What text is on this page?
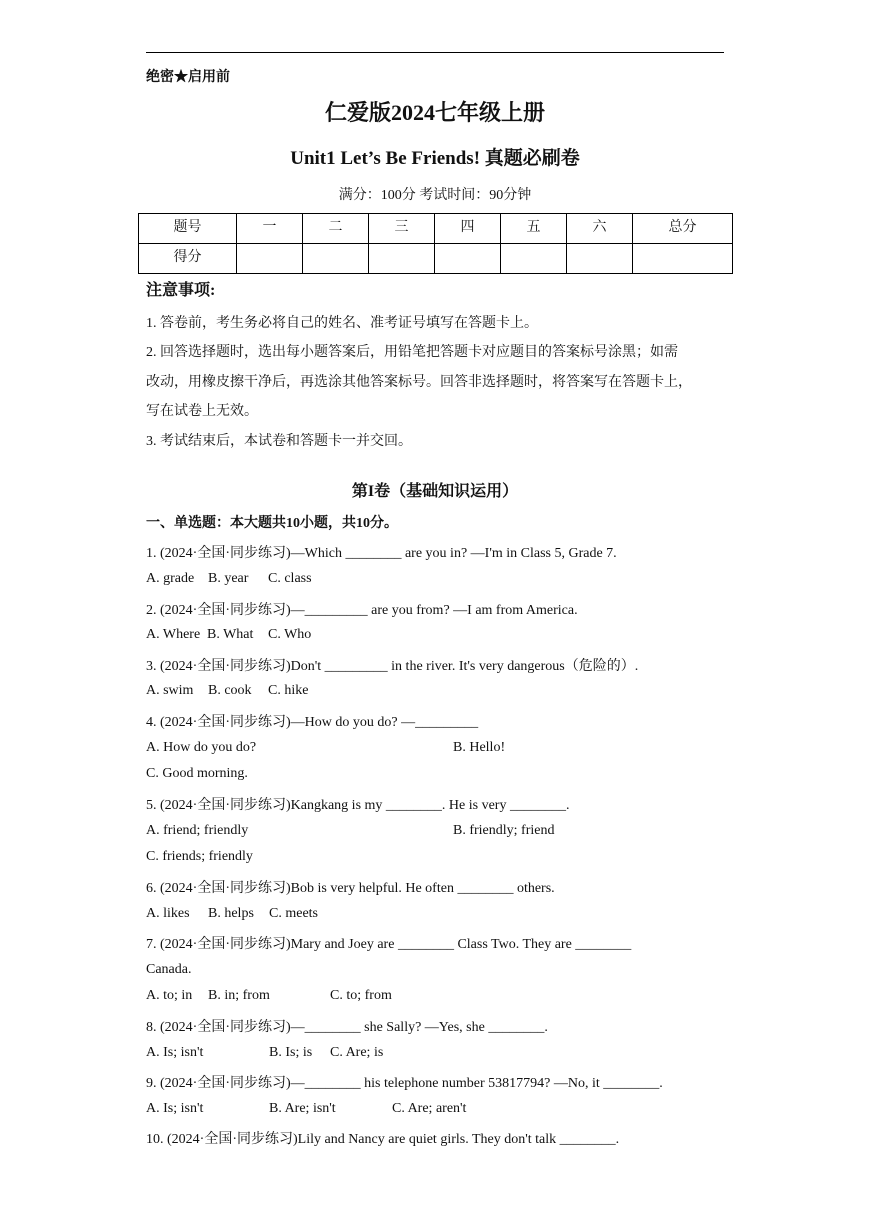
绝密★启用前
仁爱版2024七年级上册
Unit1 Let’s Be Friends! 真题必刷卷
满分：100分 考试时间：90分钟
题号	一	二	三	四	五	六	总分

得分							

注意事项:
1. 答卷前，考生务必将自己的姓名、准考证号填写在答题卡上。
2. 回答选择题时，选出每小题答案后，用铅笔把答题卡对应题目的答案标号涂黑；如需
改动，用橡皮擦干净后，再选涂其他答案标号。回答非选择题时，将答案写在答题卡上，
写在试卷上无效。
3. 考试结束后，本试卷和答题卡一并交回。
第I卷（基础知识运用）
一、单选题：本大题共10小题，共10分。
1. (2024·全国·同步练习)—Which ________ are you in? —I'm in Class 5, Grade 7.
A. grade B. year C. class
2. (2024·全国·同步练习)—_________ are you from? —I am from America.
A. Where B. What C. Who
3. (2024·全国·同步练习)Don't _________ in the river. It's very dangerous（危险的）.
A. swim B. cook C. hike
4. (2024·全国·同步练习)—How do you do? —_________
A. How do you do?	B. Hello!
C. Good morning.
5. (2024·全国·同步练习)Kangkang is my ________. He is very ________.
A. friend; friendly	B. friendly; friend
C. friends; friendly
6. (2024·全国·同步练习)Bob is very helpful. He often ________ others.
A. likes B. helps C. meets
7. (2024·全国·同步练习)Mary and Joey are ________ Class Two. They are ________
Canada.
A. to; in B. in; from	C. to; from
8. (2024·全国·同步练习)—________ she Sally? —Yes, she ________.
A. Is; isn't	B. Is; is C. Are; is
9. (2024·全国·同步练习)—________ his telephone number 53817794? —No, it ________.
A. Is; isn't	B. Are; isn't	C. Are; aren't
10. (2024·全国·同步练习)Lily and Nancy are quiet girls. They don't talk ________.
